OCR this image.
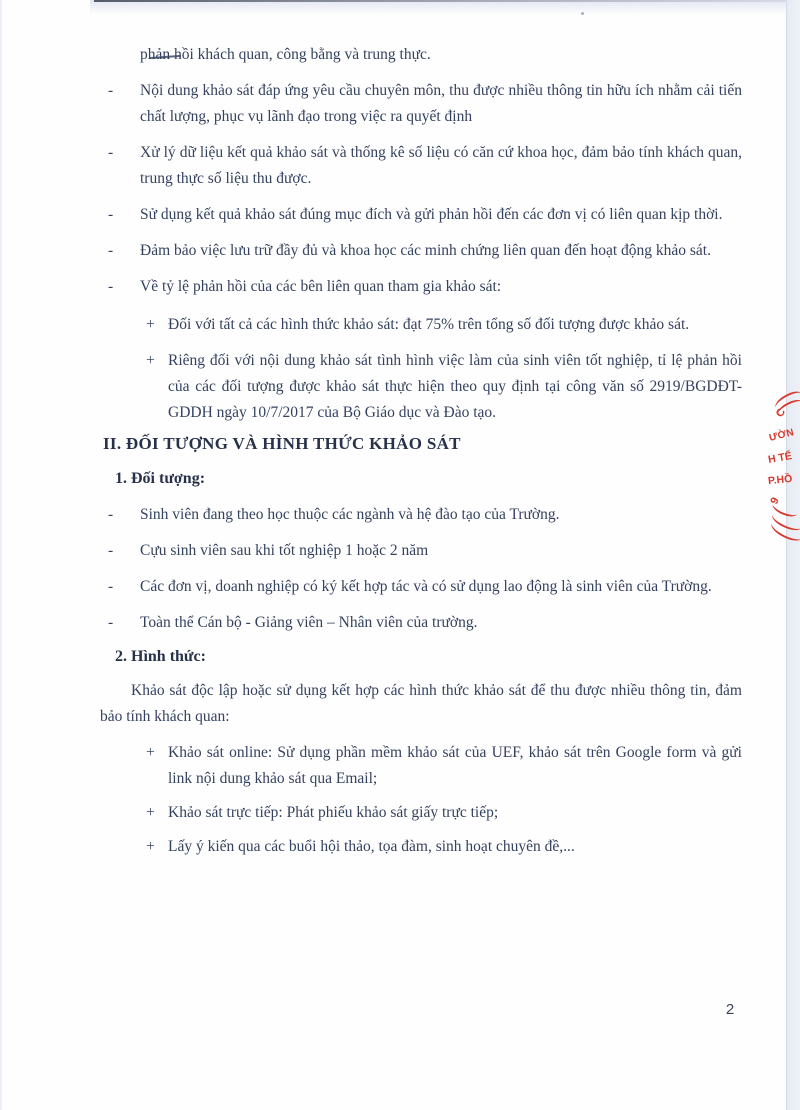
phản hồi khách quan, công bằng và trung thực.

- Nội dung khảo sát đáp ứng yêu cầu chuyên môn, thu được nhiều thông tin hữu ích nhằm cải tiến chất lượng, phục vụ lãnh đạo trong việc ra quyết định
- Xử lý dữ liệu kết quả khảo sát và thống kê số liệu có căn cứ khoa học, đảm bảo tính khách quan, trung thực số liệu thu được.
- Sử dụng kết quả khảo sát đúng mục đích và gửi phản hồi đến các đơn vị có liên quan kịp thời.
- Đảm bảo việc lưu trữ đầy đủ và khoa học các minh chứng liên quan đến hoạt động khảo sát.
- Về tỷ lệ phản hồi của các bên liên quan tham gia khảo sát:
+ Đối với tất cả các hình thức khảo sát: đạt 75% trên tổng số đối tượng được khảo sát.
+ Riêng đối với nội dung khảo sát tình hình việc làm của sinh viên tốt nghiệp, tỉ lệ phản hồi của các đối tượng được khảo sát thực hiện theo quy định tại công văn số 2919/BGDĐT-GDDH ngày 10/7/2017 của Bộ Giáo dục và Đào tạo.
II. ĐỐI TƯỢNG VÀ HÌNH THỨC KHẢO SÁT
1. Đối tượng:
- Sinh viên đang theo học thuộc các ngành và hệ đào tạo của Trường.
- Cựu sinh viên sau khi tốt nghiệp 1 hoặc 2 năm
- Các đơn vị, doanh nghiệp có ký kết hợp tác và có sử dụng lao động là sinh viên của Trường.
- Toàn thể Cán bộ - Giảng viên – Nhân viên của trường.
2. Hình thức:

Khảo sát độc lập hoặc sử dụng kết hợp các hình thức khảo sát để thu được nhiều thông tin, đảm bảo tính khách quan:

+ Khảo sát online: Sử dụng phần mềm khảo sát của UEF, khảo sát trên Google form và gửi link nội dung khảo sát qua Email;
+ Khảo sát trực tiếp: Phát phiếu khảo sát giấy trực tiếp;
+ Lấy ý kiến qua các buổi hội thảo, tọa đàm, sinh hoạt chuyên đề,...
C
ƯỜN
H TẾ
P.HỒ
9
2
